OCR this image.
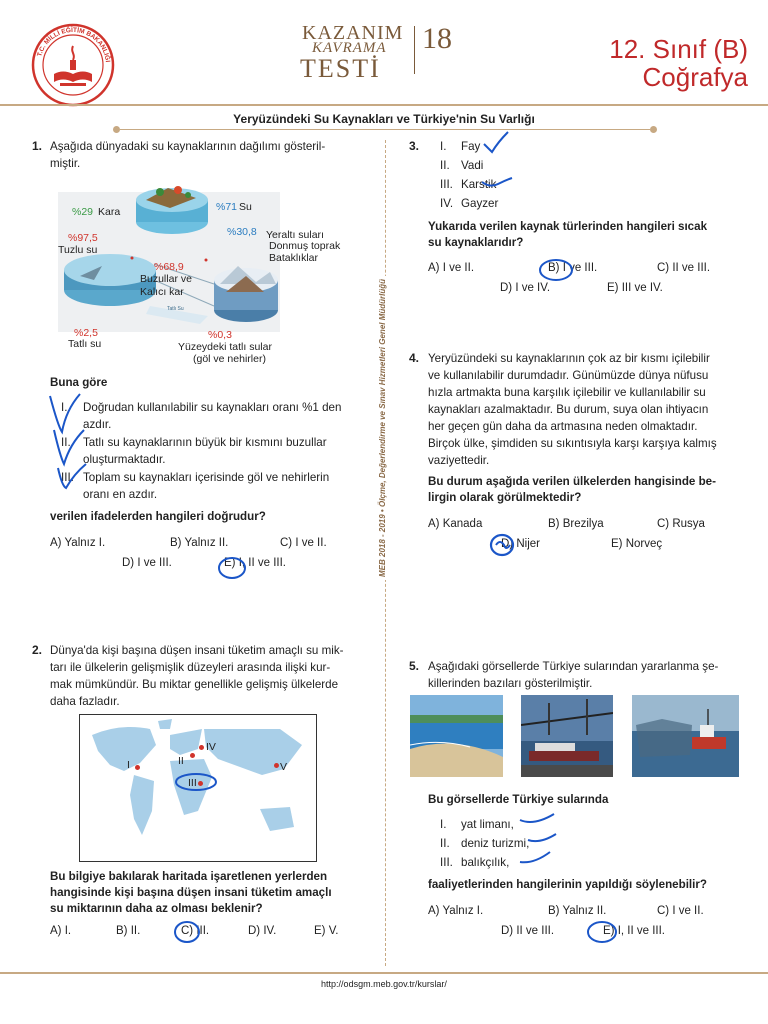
T.C. MİLLİ EĞİTİM BAKANLIĞI
KAZANIM
KAVRAMA
TESTİ
18	12. Sınıf (B)
Coğrafya
Yeryüzündeki Su Kaynakları ve Türkiye'nin Su Varlığı
MEB 2018 - 2019 • Ölçme, Değerlendirme ve Sınav Hizmetleri Genel Müdürlüğü
1. Aşağıda dünyadaki su kaynaklarının dağılımı gösteril-
miştir.
Tatlı Su
%29 Kara	%71 Su
%97,5
Tuzlu su
%30,8 Yeraltı suları
Donmuş toprak
Bataklıklar
%68,9
Buzullar ve
Kalıcı kar
%2,5
Tatlı su
%0,3
Yüzeydeki tatlı sular
(göl ve nehirler)
Buna göre
I. Doğrudan kullanılabilir su kaynakları oranı %1 den
azdır.
II. Tatlı su kaynaklarının büyük bir kısmını buzullar
oluşturmaktadır.
III. Toplam su kaynakları içerisinde göl ve nehirlerin
oranı en azdır.
verilen ifadelerden hangileri doğrudur?
A) Yalnız I.	B) Yalnız II.	C) I ve II.
D) I ve III.	E) I, II ve III.
2. Dünya'da kişi başına düşen insani tüketim amaçlı su mik-
tarı ile ülkelerin gelişmişlik düzeyleri arasında ilişki kur-
mak mümkündür. Bu miktar genellikle gelişmiş ülkelerde
daha fazladır.
I	II
III
IV
V
Bu bilgiye bakılarak haritada işaretlenen yerlerden
hangisinde kişi başına düşen insani tüketim amaçlı
su miktarının daha az olması beklenir?
A) I.	B) II.	C) III.	D) IV.	E) V.
3. I. Fay
II. Vadi
III. Karstik
IV. Gayzer
Yukarıda verilen kaynak türlerinden hangileri sıcak
su kaynaklarıdır?
A) I ve II.	B) I ve III.	C) II ve III.
D) I ve IV.	E) III ve IV.
4. Yeryüzündeki su kaynaklarının çok az bir kısmı içilebilir
ve kullanılabilir durumdadır. Günümüzde dünya nüfusu
hızla artmakta buna karşılık içilebilir ve kullanılabilir su
kaynakları azalmaktadır. Bu durum, suya olan ihtiyacın
her geçen gün daha da artmasına neden olmaktadır.
Birçok ülke, şimdiden su sıkıntısıyla karşı karşıya kalmış
vaziyettedir.
Bu durum aşağıda verilen ülkelerden hangisinde be-
lirgin olarak görülmektedir?
A) Kanada	B) Brezilya	C) Rusya
D) Nijer	E) Norveç
5. Aşağıdaki görsellerde Türkiye sularından yararlanma şe-
killerinden bazıları gösterilmiştir.
Bu görsellerde Türkiye sularında
I. yat limanı,
II. deniz turizmi,
III. balıkçılık,
faaliyetlerinden hangilerinin yapıldığı söylenebilir?
A) Yalnız I.	B) Yalnız II.	C) I ve II.
D) II ve III.	E) I, II ve III.
http://odsgm.meb.gov.tr/kurslar/
